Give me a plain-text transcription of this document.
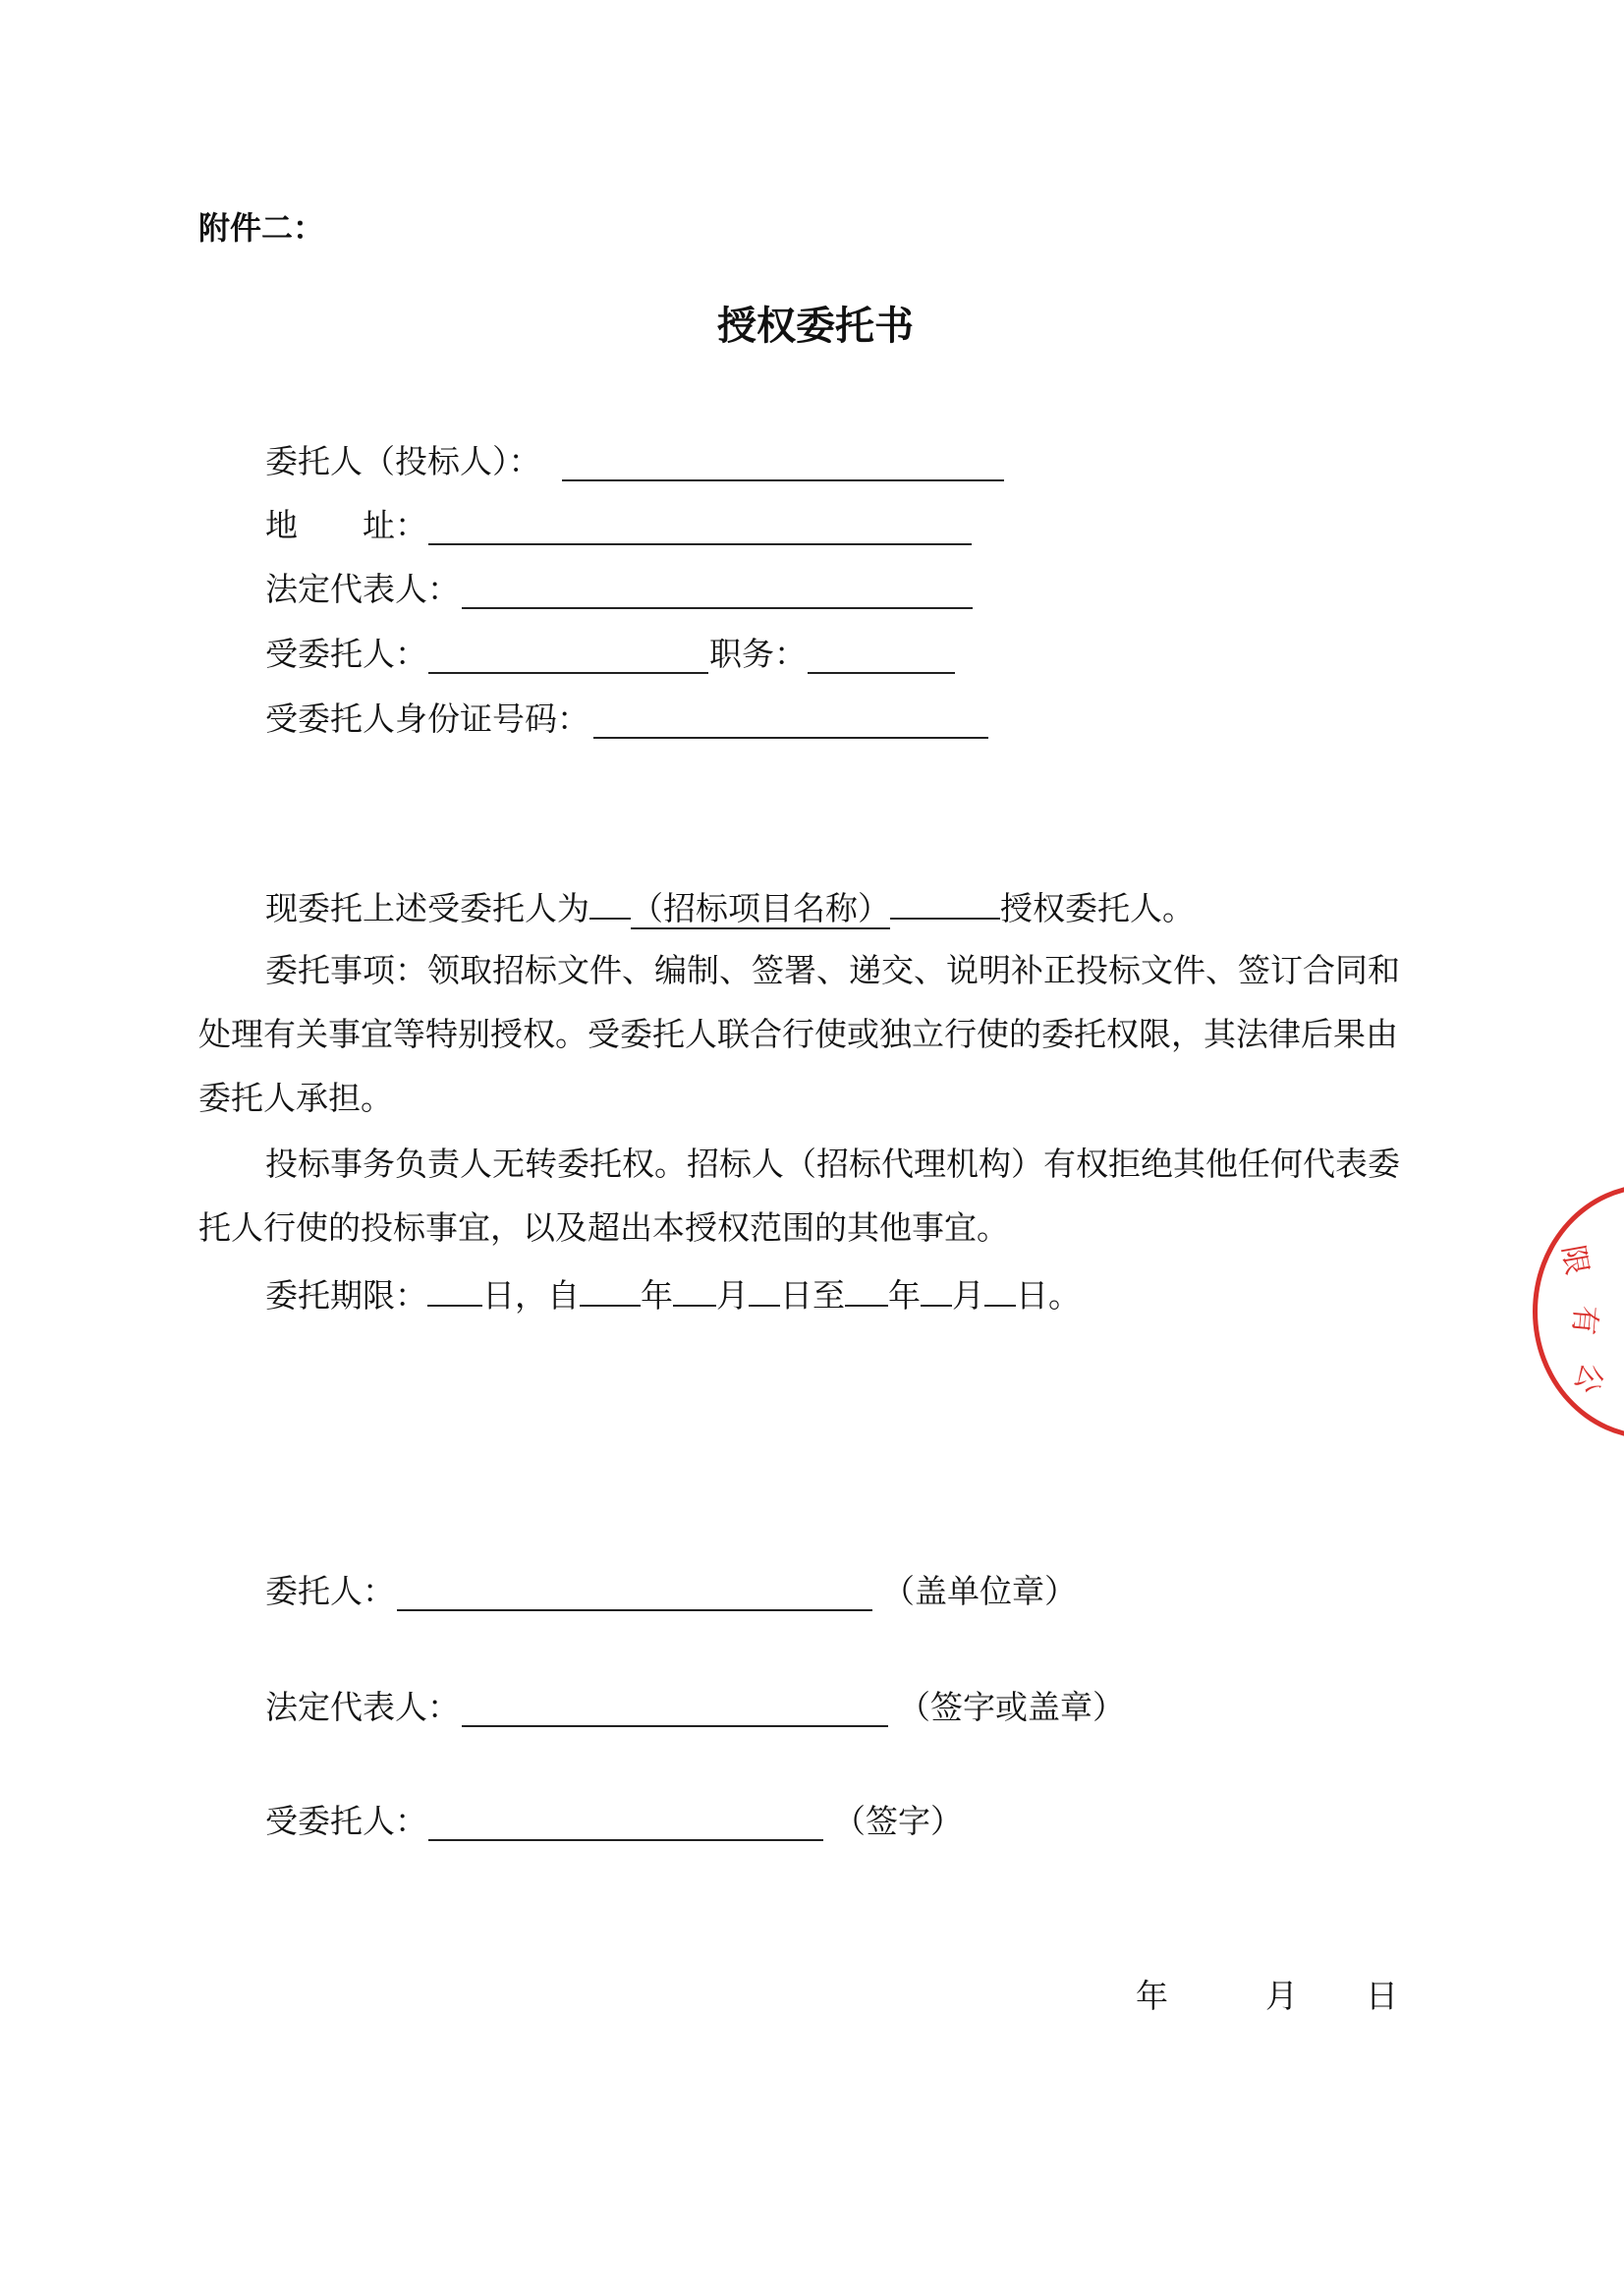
附件二：
授权委托书
委托人（投标人）：
地　　址：
法定代表人：
受委托人：	职务：
受委托人身份证号码：
现委托上述受委托人为 （招标项目名称）	授权委托人。
委托事项：领取招标文件、编制、签署、递交、说明补正投标文件、签订合同和
处理有关事宜等特别授权。受委托人联合行使或独立行使的委托权限，其法律后果由
委托人承担。
投标事务负责人无转委托权。招标人（招标代理机构）有权拒绝其他任何代表委
托人行使的投标事宜，以及超出本授权范围的其他事宜。
委托期限： 日，自 年 月 日至 年 月 日。
委托人：	（盖单位章）
法定代表人：	（签字或盖章）
受委托人：	（签字）
年	月 日
限
有
公
